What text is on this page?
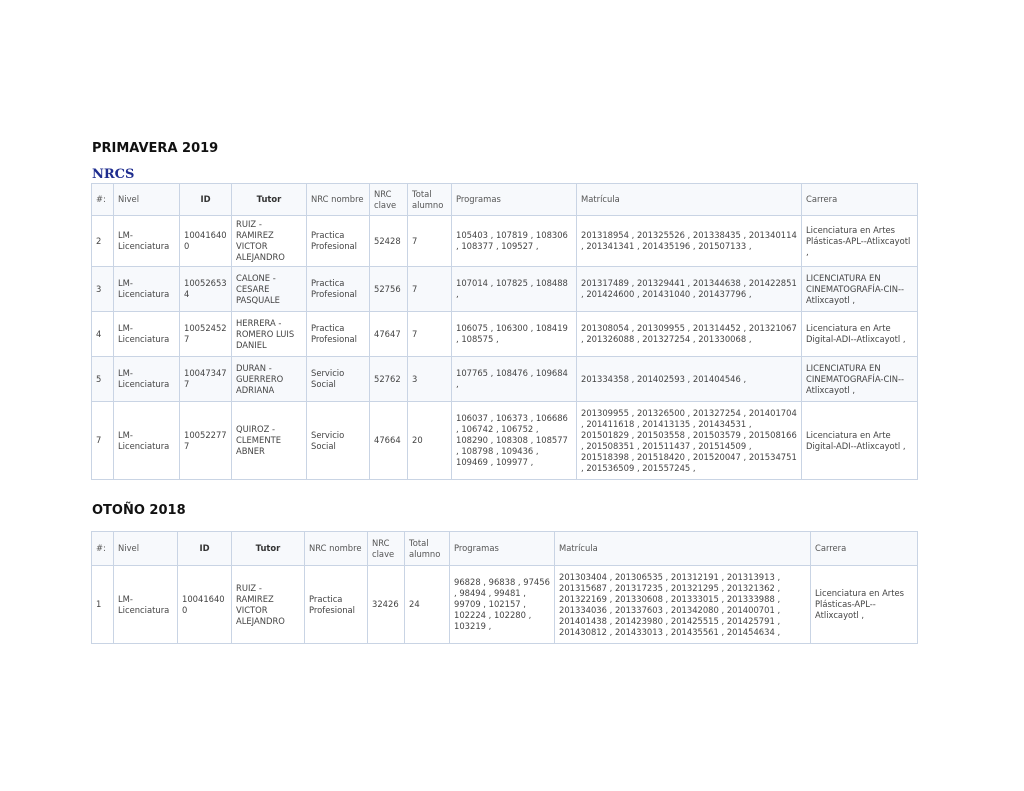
PRIMAVERA 2019
NRCS
#:	Nivel	ID	Tutor	NRC nombre	NRC clave	Total alumno	Programas	Matrícula	Carrera
2	LM-Licenciatura	100416400	RUIZ - RAMIREZ VICTOR ALEJANDRO	Practica Profesional	52428	7	105403 , 107819 , 108306 , 108377 , 109527 ,	201318954 , 201325526 , 201338435 , 201340114 , 201341341 , 201435196 , 201507133 ,	Licenciatura en Artes Plásticas-APL--Atlixcayotl ,
3	LM-Licenciatura	100526534	CALONE - CESARE PASQUALE	Practica Profesional	52756	7	107014 , 107825 , 108488 ,	201317489 , 201329441 , 201344638 , 201422851 , 201424600 , 201431040 , 201437796 ,	LICENCIATURA EN CINEMATOGRAFÍA-CIN--Atlixcayotl ,
4	LM-Licenciatura	100524527	HERRERA - ROMERO LUIS DANIEL	Practica Profesional	47647	7	106075 , 106300 , 108419 , 108575 ,	201308054 , 201309955 , 201314452 , 201321067 , 201326088 , 201327254 , 201330068 ,	Licenciatura en Arte Digital-ADI--Atlixcayotl ,
5	LM-Licenciatura	100473477	DURAN - GUERRERO ADRIANA	Servicio Social	52762	3	107765 , 108476 , 109684 ,	201334358 , 201402593 , 201404546 ,	LICENCIATURA EN CINEMATOGRAFÍA-CIN--Atlixcayotl ,
7	LM-Licenciatura	100522777	QUIROZ - CLEMENTE ABNER	Servicio Social	47664	20	106037 , 106373 , 106686 , 106742 , 106752 , 108290 , 108308 , 108577 , 108798 , 109436 , 109469 , 109977 ,	201309955 , 201326500 , 201327254 , 201401704 , 201411618 , 201413135 , 201434531 , 201501829 , 201503558 , 201503579 , 201508166 , 201508351 , 201511437 , 201514509 , 201518398 , 201518420 , 201520047 , 201534751 , 201536509 , 201557245 ,	Licenciatura en Arte Digital-ADI--Atlixcayotl ,
OTOÑO 2018
#:	Nivel	ID	Tutor	NRC nombre	NRC clave	Total alumno	Programas	Matrícula	Carrera
1	LM-Licenciatura	100416400	RUIZ - RAMIREZ VICTOR ALEJANDRO	Practica Profesional	32426	24	96828 , 96838 , 97456 , 98494 , 99481 , 99709 , 102157 , 102224 , 102280 , 103219 ,	201303404 , 201306535 , 201312191 , 201313913 , 201315687 , 201317235 , 201321295 , 201321362 , 201322169 , 201330608 , 201333015 , 201333988 , 201334036 , 201337603 , 201342080 , 201400701 , 201401438 , 201423980 , 201425515 , 201425791 , 201430812 , 201433013 , 201435561 , 201454634 ,	Licenciatura en Artes Plásticas-APL--Atlixcayotl ,
